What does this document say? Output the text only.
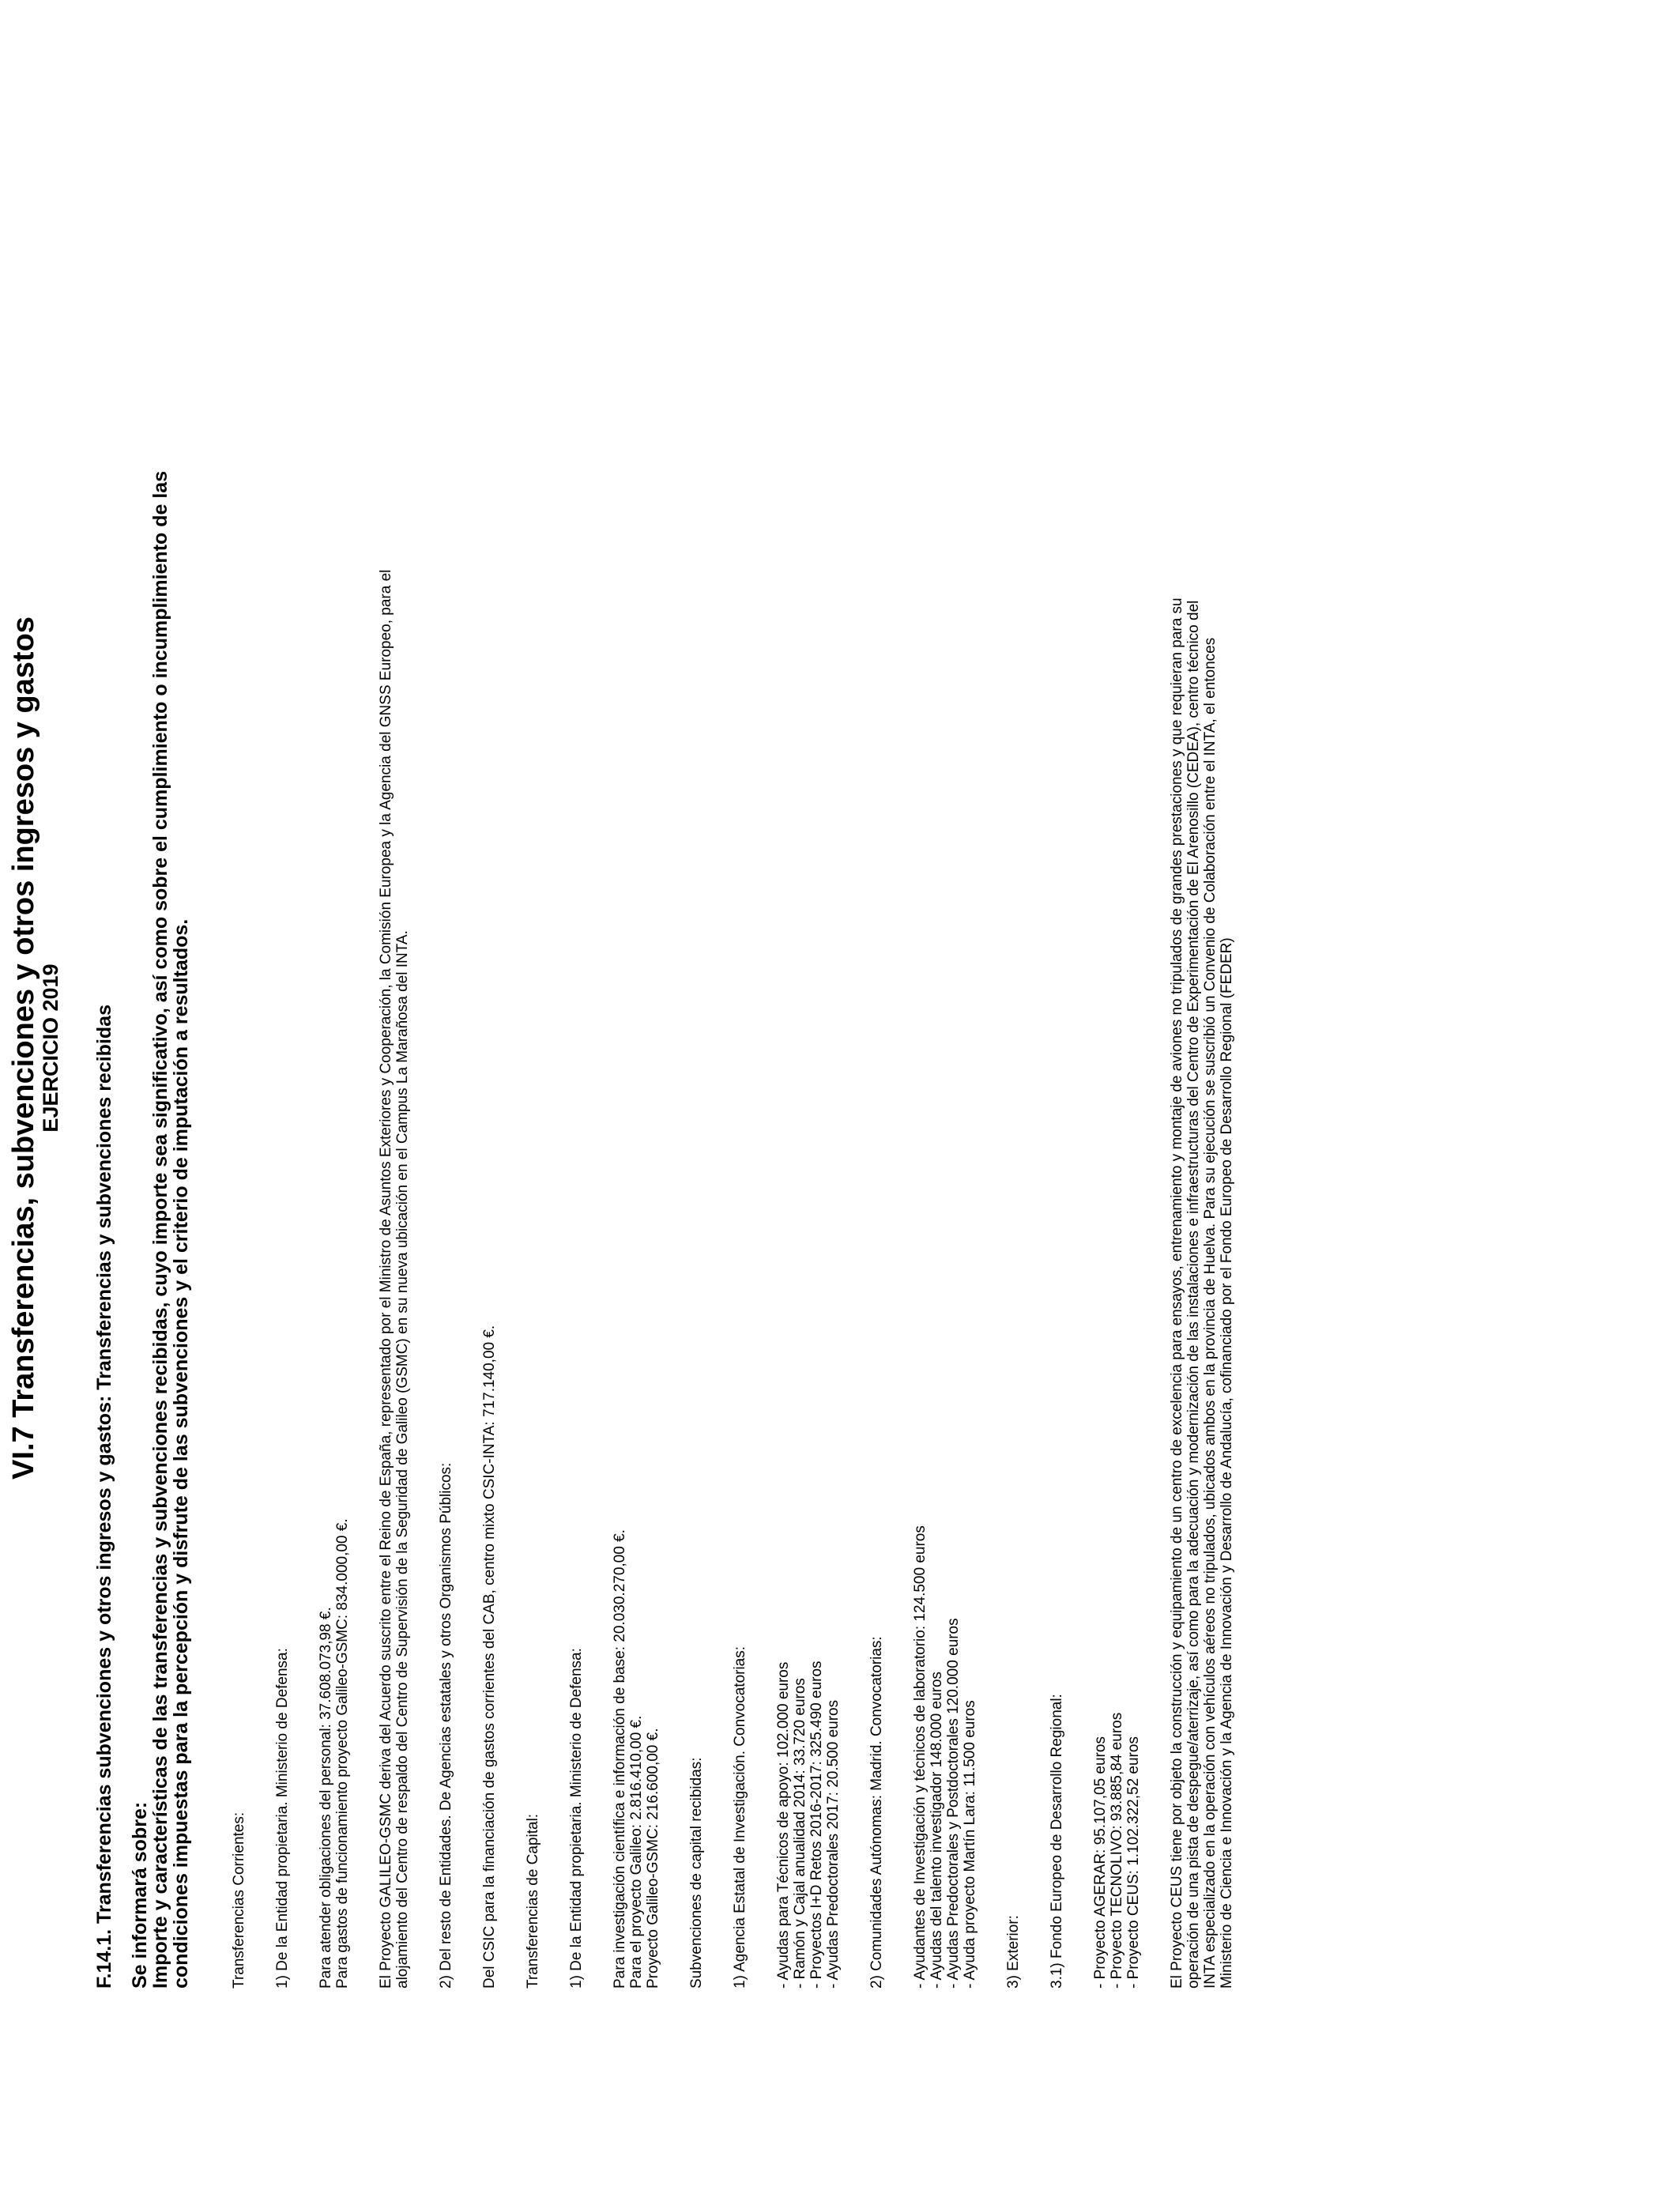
VI.7 Transferencias, subvenciones y otros ingresos y gastos
EJERCICIO 2019 F.14.1. Transferencias subvenciones y otros ingresos y gastos: Transferencias y subvenciones recibidas Se informará sobre:
Importe y características de las transferencias y subvenciones recibidas, cuyo importe sea significativo, así como sobre el cumplimiento o incumplimiento de las
condiciones impuestas para la percepción y disfrute de las subvenciones y el criterio de imputación a resultados.	Transferencias Corrientes: 1) De la Entidad propietaria. Ministerio de Defensa: Para atender obligaciones del personal: 37.608.073,98 €. Para gastos de funcionamiento proyecto Galileo-GSMC: 834.000,00 €. El Proyecto GALILEO-GSMC deriva del Acuerdo suscrito entre el Reino de España, representado por el Ministro de Asuntos Exteriores y Cooperación, la Comisión Europea y la Agencia del GNSS Europeo, para el alojamiento del Centro de respaldo del Centro de Supervisión de la Seguridad de Galileo (GSMC) en su nueva ubicación en el Campus La Marañosa del INTA. 2) Del resto de Entidades. De Agencias estatales y otros Organismos Públicos: Del CSIC para la financiación de gastos corrientes del CAB, centro mixto CSIC-INTA: 717.140,00 €. Transferencias de Capital: 1) De la Entidad propietaria. Ministerio de Defensa: Para investigación científica e información de base: 20.030.270,00 €. Para el proyecto Galileo: 2.816.410,00 €. Proyecto Galileo-GSMC: 216.600,00 €. Subvenciones de capital recibidas: 1) Agencia Estatal de Investigación. Convocatorias: - Ayudas para Técnicos de apoyo: 102.000 euros - Ramón y Cajal anualidad 2014: 33.720 euros - Proyectos I+D Retos 2016-2017: 325.490 euros - Ayudas Predoctorales 2017: 20.500 euros 2) Comunidades Autónomas: Madrid. Convocatorias: - Ayudantes de Investigación y técnicos de laboratorio: 124.500 euros - Ayudas del talento investigador 148.000 euros - Ayudas Predoctorales y Postdoctorales 120.000 euros - Ayuda proyecto Martín Lara: 11.500 euros 3) Exterior: 3.1) Fondo Europeo de Desarrollo Regional: - Proyecto AGERAR: 95.107,05 euros - Proyecto TECNOLIVO: 93.885,84 euros - Proyecto CEUS: 1.102.322,52 euros El Proyecto CEUS tiene por objeto la construcción y equipamiento de un centro de excelencia para ensayos, entrenamiento y montaje de aviones no tripulados de grandes prestaciones y que requieran para su operación de una pista de despegue/aterrizaje, así como para la adecuación y modernización de las instalaciones e infraestructuras del Centro de Experimentación de El Arenosillo (CEDEA), centro técnico del INTA especializado en la operación con vehículos aéreos no tripulados, ubicados ambos en la provincia de Huelva. Para su ejecución se suscribió un Convenio de Colaboración entre el INTA, el entonces Ministerio de Ciencia e Innovación y la Agencia de Innovación y Desarrollo de Andalucía, cofinanciado por el Fondo Europeo de Desarrollo Regional (FEDER)
